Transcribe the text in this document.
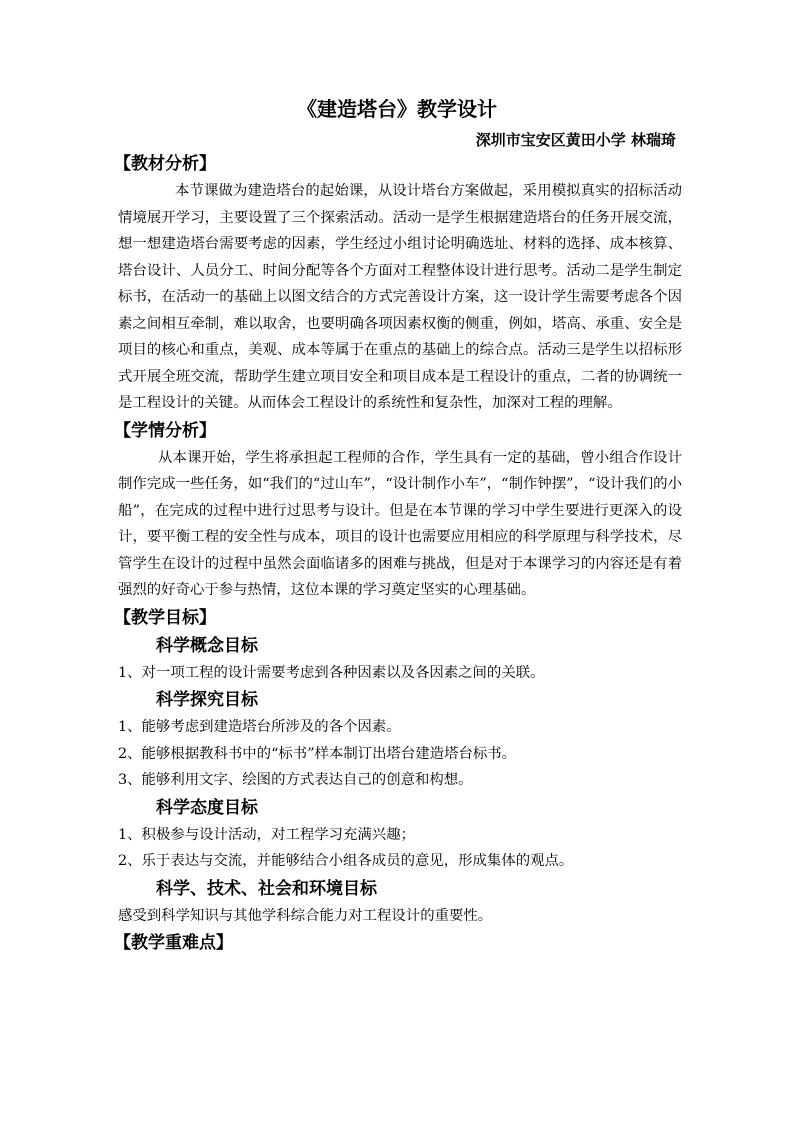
《建造塔台》教学设计
深圳市宝安区黄田小学 林瑞琦
【教材分析】

本节课做为建造塔台的起始课，从设计塔台方案做起，采用模拟真实的招标活动情境展开学习，主要设置了三个探索活动。活动一是学生根据建造塔台的任务开展交流，想一想建造塔台需要考虑的因素，学生经过小组讨论明确选址、材料的选择、成本核算、塔台设计、人员分工、时间分配等各个方面对工程整体设计进行思考。活动二是学生制定标书，在活动一的基础上以图文结合的方式完善设计方案，这一设计学生需要考虑各个因素之间相互牵制，难以取舍，也要明确各项因素权衡的侧重，例如，塔高、承重、安全是项目的核心和重点，美观、成本等属于在重点的基础上的综合点。活动三是学生以招标形式开展全班交流，帮助学生建立项目安全和项目成本是工程设计的重点，二者的协调统一是工程设计的关键。从而体会工程设计的系统性和复杂性，加深对工程的理解。

【学情分析】

从本课开始，学生将承担起工程师的合作，学生具有一定的基础，曾小组合作设计制作完成一些任务，如“我们的“过山车”，“设计制作小车”，“制作钟摆”，“设计我们的小船”，在完成的过程中进行过思考与设计。但是在本节课的学习中学生要进行更深入的设计，要平衡工程的安全性与成本，项目的设计也需要应用相应的科学原理与科学技术，尽管学生在设计的过程中虽然会面临诸多的困难与挑战，但是对于本课学习的内容还是有着强烈的好奇心于参与热情，这位本课的学习奠定坚实的心理基础。

【教学目标】
科学概念目标

1、对一项工程的设计需要考虑到各种因素以及各因素之间的关联。

科学探究目标

1、能够考虑到建造塔台所涉及的各个因素。

2、能够根据教科书中的“标书”样本制订出塔台建造塔台标书。

3、能够利用文字、绘图的方式表达自己的创意和构想。

科学态度目标

1、积极参与设计活动，对工程学习充满兴趣；

2、乐于表达与交流，并能够结合小组各成员的意见，形成集体的观点。

科学、技术、社会和环境目标

感受到科学知识与其他学科综合能力对工程设计的重要性。

【教学重难点】
